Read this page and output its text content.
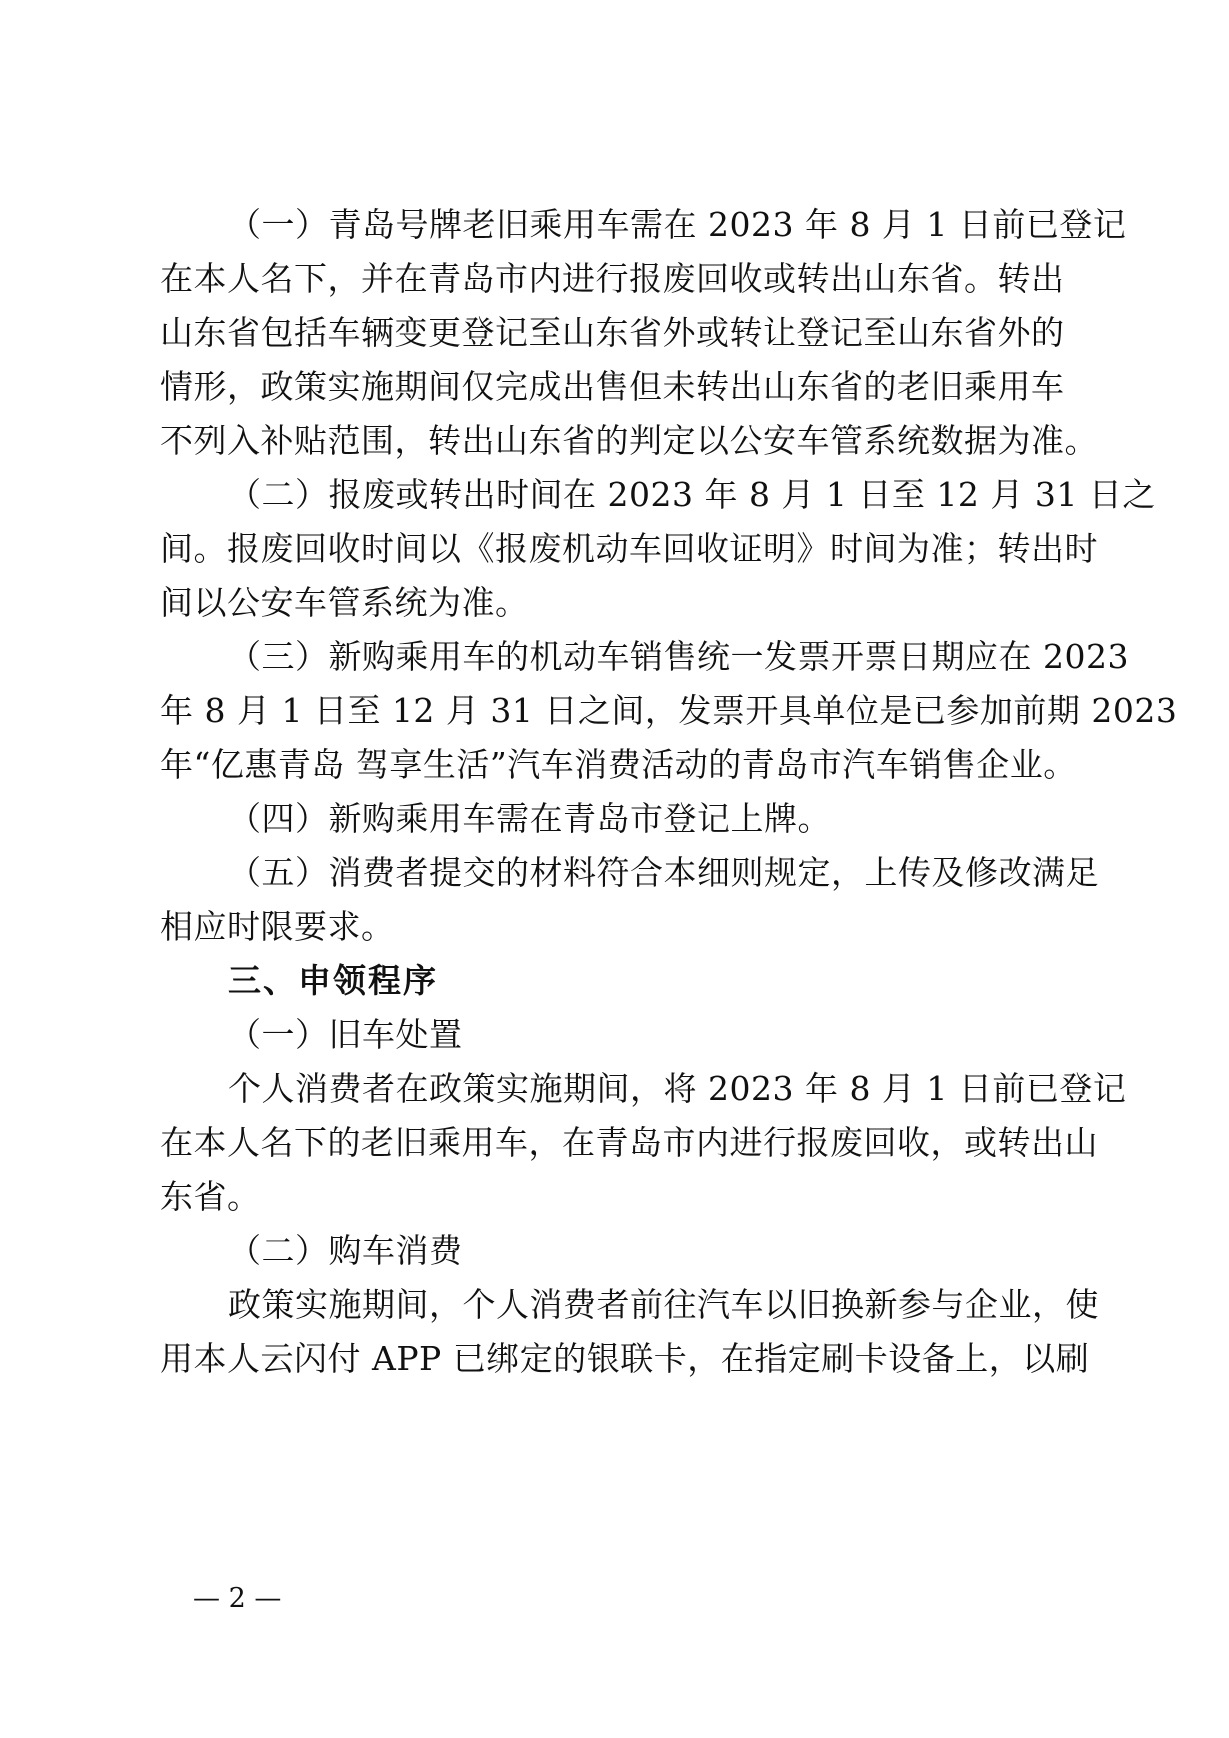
（一）青岛号牌老旧乘用车需在 2023 年 8 月 1 日前已登记
在本人名下，并在青岛市内进行报废回收或转出山东省。转出
山东省包括车辆变更登记至山东省外或转让登记至山东省外的
情形，政策实施期间仅完成出售但未转出山东省的老旧乘用车
不列入补贴范围，转出山东省的判定以公安车管系统数据为准。
（二）报废或转出时间在 2023 年 8 月 1 日至 12 月 31 日之
间。报废回收时间以《报废机动车回收证明》时间为准；转出时
间以公安车管系统为准。
（三）新购乘用车的机动车销售统一发票开票日期应在 2023
年 8 月 1 日至 12 月 31 日之间，发票开具单位是已参加前期 2023
年“亿惠青岛 驾享生活”汽车消费活动的青岛市汽车销售企业。
（四）新购乘用车需在青岛市登记上牌。
（五）消费者提交的材料符合本细则规定，上传及修改满足
相应时限要求。
三、申领程序
（一）旧车处置
个人消费者在政策实施期间，将 2023 年 8 月 1 日前已登记
在本人名下的老旧乘用车，在青岛市内进行报废回收，或转出山
东省。
（二）购车消费
政策实施期间，个人消费者前往汽车以旧换新参与企业，使
用本人云闪付 APP 已绑定的银联卡，在指定刷卡设备上，以刷
— 2 —
